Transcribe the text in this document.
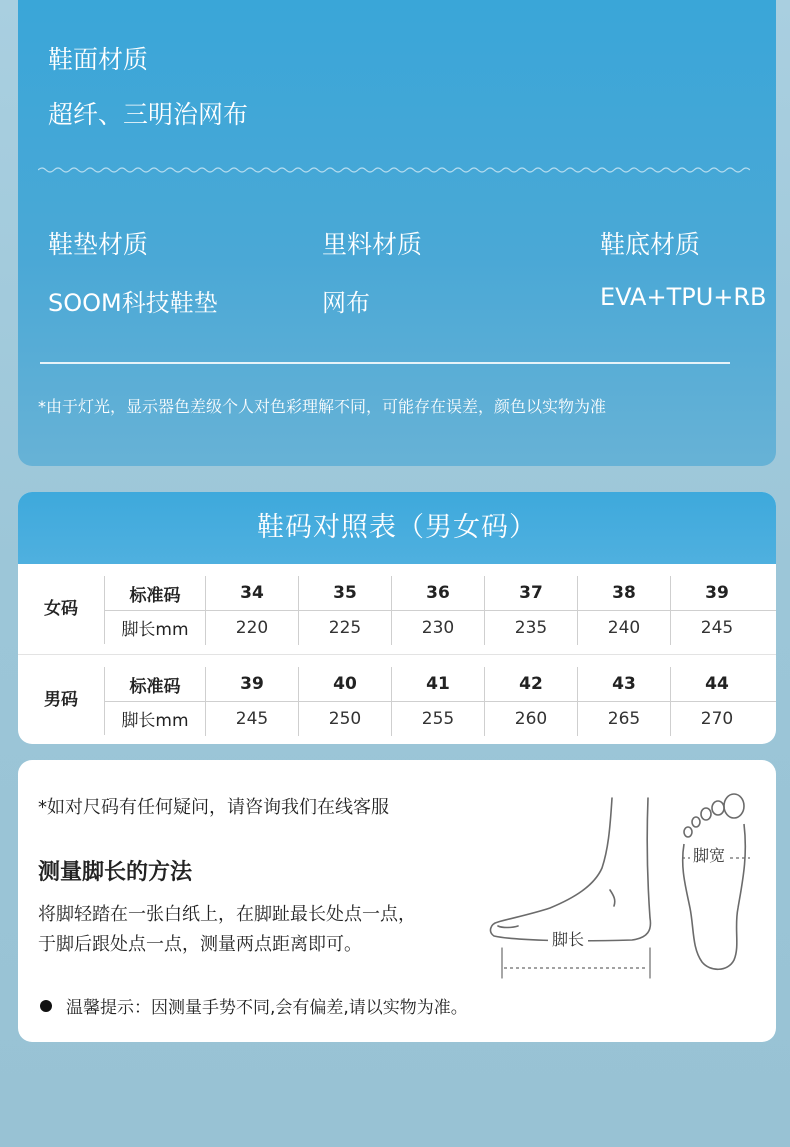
鞋面材质
超纤、三明治网布
鞋垫材质
SOOM科技鞋垫
里料材质
网布
鞋底材质
EVA+TPU+RB
*由于灯光，显示器色差级个人对色彩理解不同，可能存在误差，颜色以实物为准
鞋码对照表（男女码）
女码
标准码	34	35	36	37	38	39
脚长mm	220	225	230	235	240	245
男码
标准码	39	40	41	42	43	44
脚长mm	245	250	255	260	265	270
*如对尺码有任何疑问，请咨询我们在线客服
测量脚长的方法
将脚轻踏在一张白纸上，在脚趾最长处点一点，
于脚后跟处点一点，测量两点距离即可。	脚长
脚宽
温馨提示：因测量手势不同,会有偏差,请以实物为准。
